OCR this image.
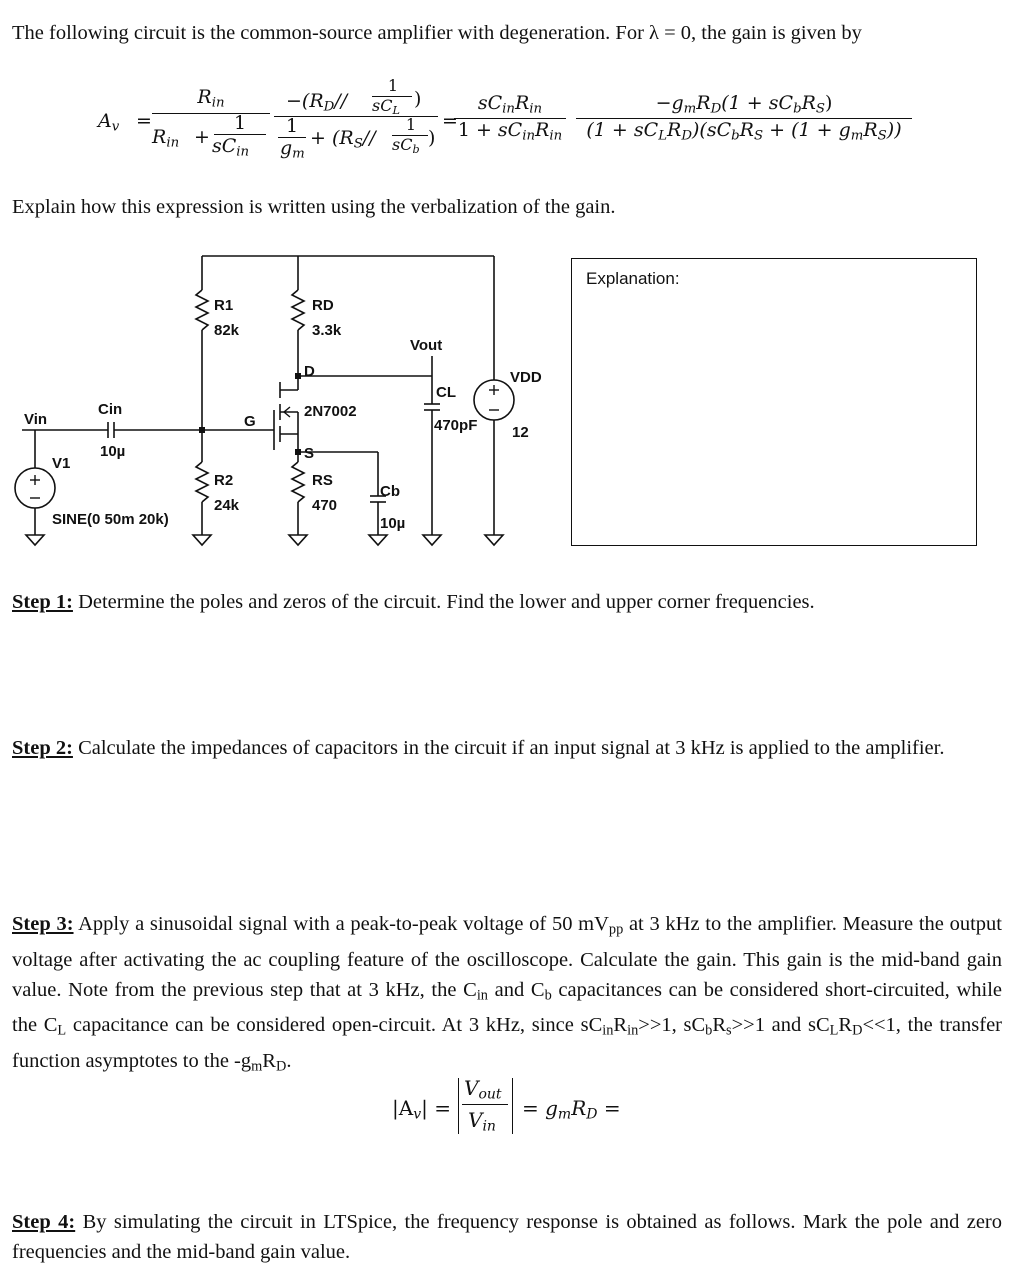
The following circuit is the common-source amplifier with degeneration. For λ = 0, the gain is given by
$A_v$ =
$R_{in}$
$R_{in}$ +
1
$sC_{in}$
$-(R_D//$
1
$sC_L$
)
1
$g_m$
+ ($R_S//$
1
$sC_b$
)
=
$sC_{in}R_{in}$
$1 + sC_{in}R_{in}$
$-g_mR_D(1 + sC_bR_S)$
$(1 + sC_LR_D)(sC_bR_S + (1 + g_mR_S))$
Explain how this expression is written using the verbalization of the gain.
Vin
Cin
10µ
V1
SINE(0 50m 20k)
R1
82k
R2
24k
G
RD
3.3k
D
2N7002
S
RS
470
Cb
10µ
Vout
CL
470pF
VDD
12
Explanation:
Step 1: Determine the poles and zeros of the circuit. Find the lower and upper corner frequencies.
Step 2: Calculate the impedances of capacitors in the circuit if an input signal at 3 kHz is applied to the amplifier.
Step 3: Apply a sinusoidal signal with a peak-to-peak voltage of 50 $mV_{pp}$ at 3 kHz to the amplifier. Measure the output voltage after activating the ac coupling feature of the oscilloscope. Calculate the gain. This gain is the mid-band gain value. Note from the previous step that at 3 kHz, the $C_{in}$ and $C_b$ capacitances can be considered short-circuited, while the $C_L$ capacitance can be considered open-circuit. At 3 kHz, since $sC_{in}R_{in}>>1$, $sC_bR_s>>1$ and $sC_LR_D<<1$, the transfer function asymptotes to the $-g_mR_D$.
$|A_v|$ =
$V_{out}$
$V_{in}$
= $g_mR_D$ =
Step 4: By simulating the circuit in LTSpice, the frequency response is obtained as follows. Mark the pole and zero frequencies and the mid-band gain value.
